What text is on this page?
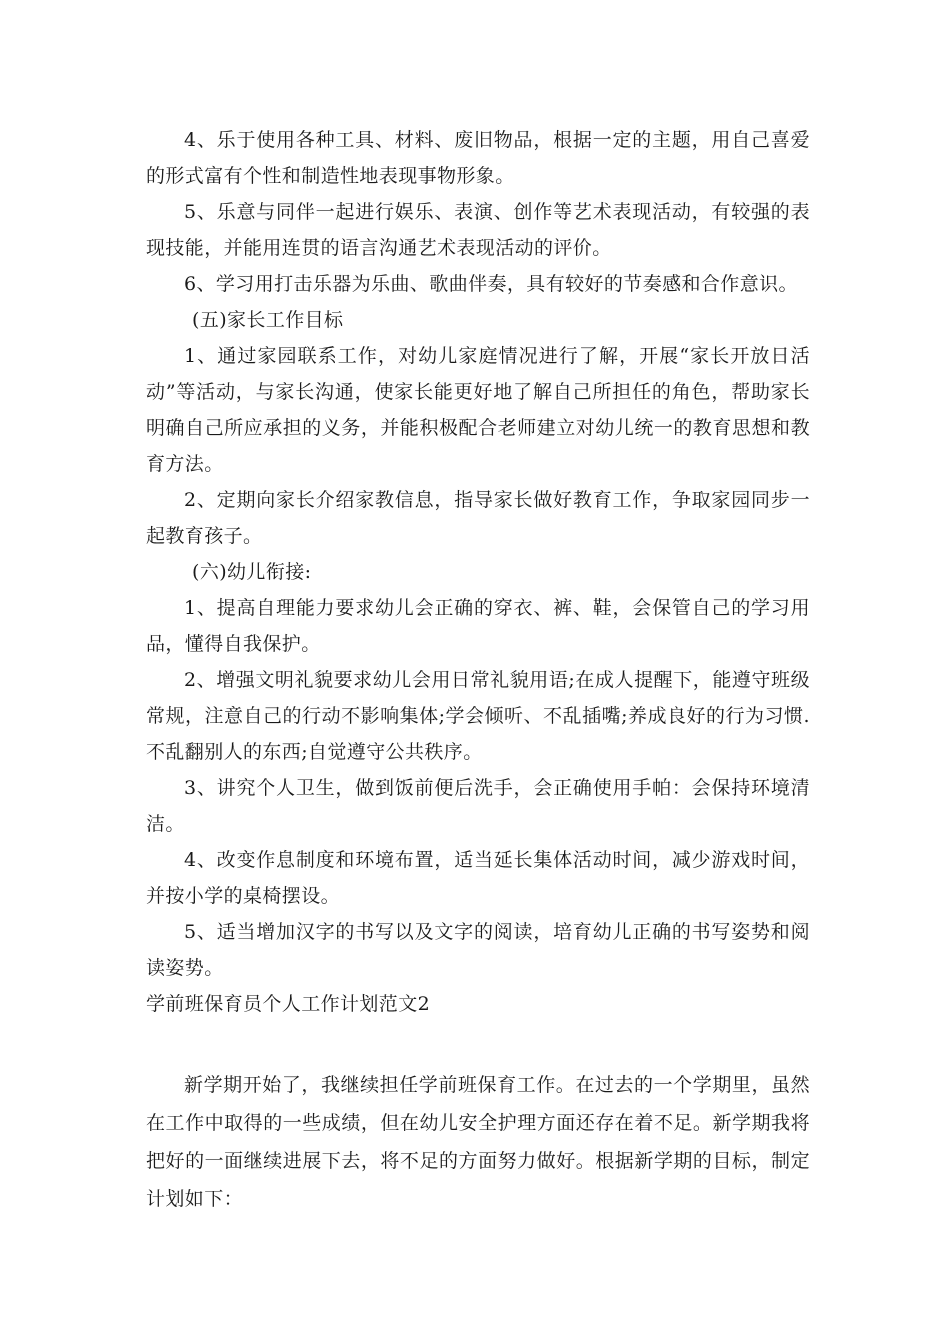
4、乐于使用各种工具、材料、废旧物品，根据一定的主题，用自己喜爱的形式富有个性和制造性地表现事物形象。

5、乐意与同伴一起进行娱乐、表演、创作等艺术表现活动，有较强的表现技能，并能用连贯的语言沟通艺术表现活动的评价。

6、学习用打击乐器为乐曲、歌曲伴奏，具有较好的节奏感和合作意识。

(五)家长工作目标

1、通过家园联系工作，对幼儿家庭情况进行了解，开展“家长开放日活动”等活动，与家长沟通，使家长能更好地了解自己所担任的角色，帮助家长明确自己所应承担的义务，并能积极配合老师建立对幼儿统一的教育思想和教育方法。

2、定期向家长介绍家教信息，指导家长做好教育工作，争取家园同步一起教育孩子。

(六)幼儿衔接:

1、提高自理能力要求幼儿会正确的穿衣、裤、鞋，会保管自己的学习用品，懂得自我保护。

2、增强文明礼貌要求幼儿会用日常礼貌用语;在成人提醒下，能遵守班级常规，注意自己的行动不影响集体;学会倾听、不乱插嘴;养成良好的行为习惯.不乱翻别人的东西;自觉遵守公共秩序。

3、讲究个人卫生，做到饭前便后洗手，会正确使用手帕：会保持环境清洁。

4、改变作息制度和环境布置，适当延长集体活动时间，减少游戏时间，并按小学的桌椅摆设。

5、适当增加汉字的书写以及文字的阅读，培育幼儿正确的书写姿势和阅读姿势。

学前班保育员个人工作计划范文2

新学期开始了，我继续担任学前班保育工作。在过去的一个学期里，虽然在工作中取得的一些成绩，但在幼儿安全护理方面还存在着不足。新学期我将把好的一面继续进展下去，将不足的方面努力做好。根据新学期的目标，制定计划如下：
